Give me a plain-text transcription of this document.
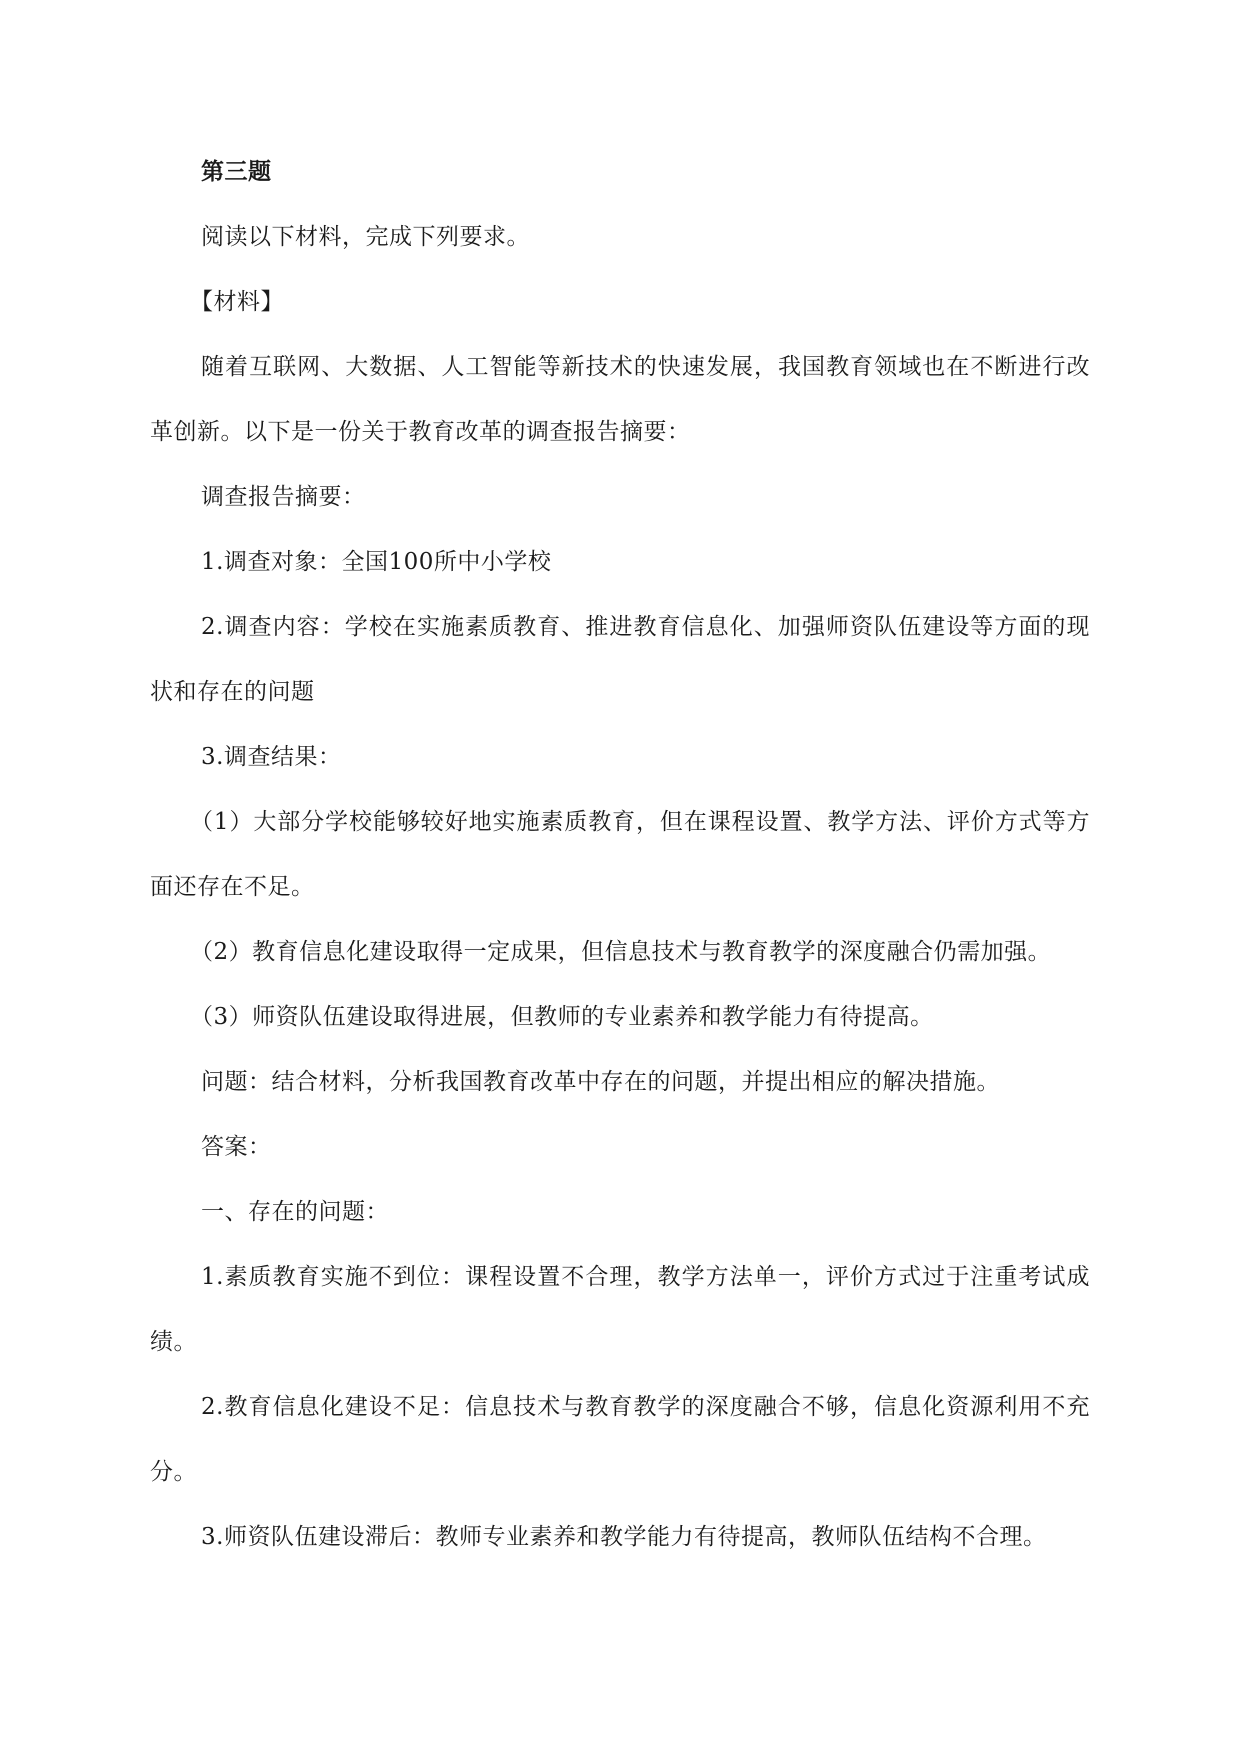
第三题

阅读以下材料，完成下列要求。

【材料】

随着互联网、大数据、人工智能等新技术的快速发展，我国教育领域也在不断进行改革创新。以下是一份关于教育改革的调查报告摘要：

调查报告摘要：

1.调查对象：全国100所中小学校

2.调查内容：学校在实施素质教育、推进教育信息化、加强师资队伍建设等方面的现状和存在的问题

3.调查结果：

（1）大部分学校能够较好地实施素质教育，但在课程设置、教学方法、评价方式等方面还存在不足。

（2）教育信息化建设取得一定成果，但信息技术与教育教学的深度融合仍需加强。

（3）师资队伍建设取得进展，但教师的专业素养和教学能力有待提高。

问题：结合材料，分析我国教育改革中存在的问题，并提出相应的解决措施。

答案：

一、存在的问题：

1.素质教育实施不到位：课程设置不合理，教学方法单一，评价方式过于注重考试成绩。

2.教育信息化建设不足：信息技术与教育教学的深度融合不够，信息化资源利用不充分。

3.师资队伍建设滞后：教师专业素养和教学能力有待提高，教师队伍结构不合理。
